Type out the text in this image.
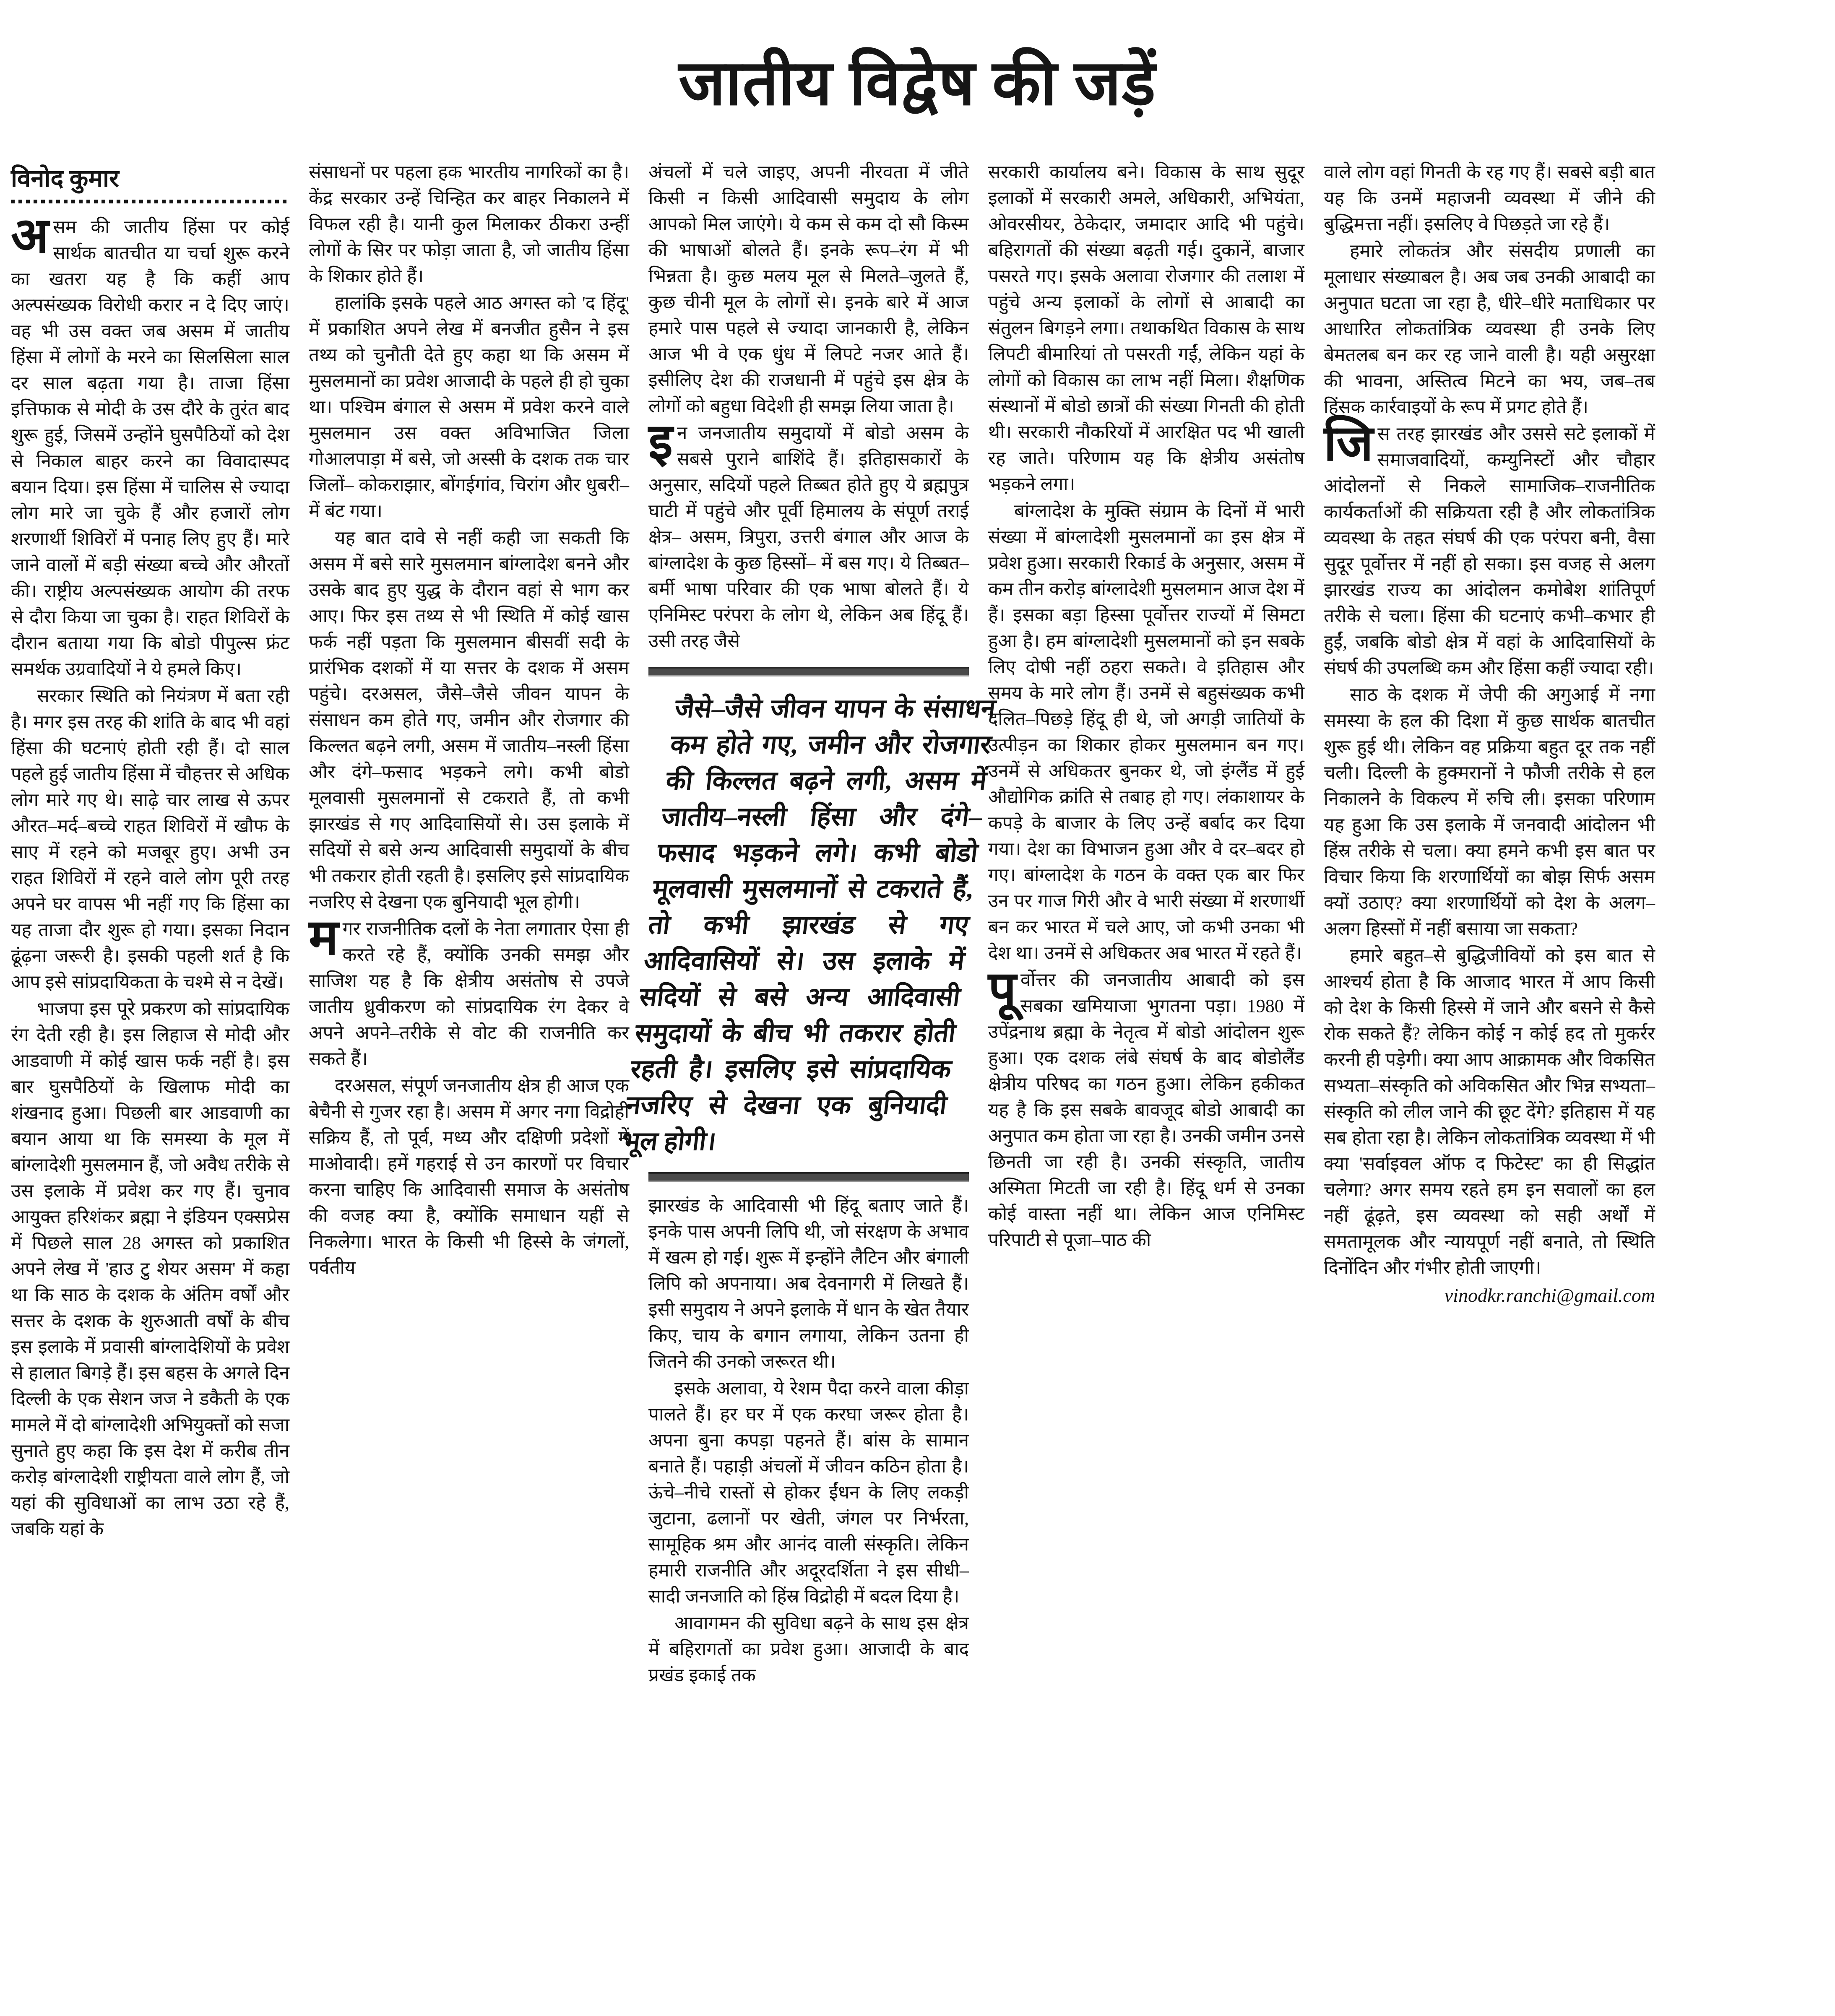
जातीय विद्वेष की जड़ें
विनोद कुमार

असम की जातीय हिंसा पर कोई सार्थक बातचीत या चर्चा शुरू करने का खतरा यह है कि कहीं आप अल्पसंख्यक विरोधी करार न दे दिए जाएं। वह भी उस वक्त जब असम में जातीय हिंसा में लोगों के मरने का सिलसिला साल दर साल बढ़ता गया है। ताजा हिंसा इत्तिफाक से मोदी के उस दौरे के तुरंत बाद शुरू हुई, जिसमें उन्होंने घुसपैठियों को देश से निकाल बाहर करने का विवादास्पद बयान दिया। इस हिंसा में चालिस से ज्यादा लोग मारे जा चुके हैं और हजारों लोग शरणार्थी शिविरों में पनाह लिए हुए हैं। मारे जाने वालों में बड़ी संख्या बच्चे और औरतों की। राष्ट्रीय अल्पसंख्यक आयोग की तरफ से दौरा किया जा चुका है। राहत शिविरों के दौरान बताया गया कि बोडो पीपुल्स फ्रंट समर्थक उग्रवादियों ने ये हमले किए।

सरकार स्थिति को नियंत्रण में बता रही है। मगर इस तरह की शांति के बाद भी वहां हिंसा की घटनाएं होती रही हैं। दो साल पहले हुई जातीय हिंसा में चौहत्तर से अधिक लोग मारे गए थे। साढ़े चार लाख से ऊपर औरत–मर्द–बच्चे राहत शिविरों में खौफ के साए में रहने को मजबूर हुए। अभी उन राहत शिविरों में रहने वाले लोग पूरी तरह अपने घर वापस भी नहीं गए कि हिंसा का यह ताजा दौर शुरू हो गया। इसका निदान ढूंढ़ना जरूरी है। इसकी पहली शर्त है कि आप इसे सांप्रदायिकता के चश्मे से न देखें।

भाजपा इस पूरे प्रकरण को सांप्रदायिक रंग देती रही है। इस लिहाज से मोदी और आडवाणी में कोई खास फर्क नहीं है। इस बार घुसपैठियों के खिलाफ मोदी का शंखनाद हुआ। पिछली बार आडवाणी का बयान आया था कि समस्या के मूल में बांग्लादेशी मुसलमान हैं, जो अवैध तरीके से उस इलाके में प्रवेश कर गए हैं। चुनाव आयुक्त हरिशंकर ब्रह्मा ने इंडियन एक्सप्रेस में पिछले साल 28 अगस्त को प्रकाशित अपने लेख में 'हाउ टु शेयर असम' में कहा था कि साठ के दशक के अंतिम वर्षों और सत्तर के दशक के शुरुआती वर्षों के बीच इस इलाके में प्रवासी बांग्लादेशियों के प्रवेश से हालात बिगड़े हैं। इस बहस के अगले दिन दिल्ली के एक सेशन जज ने डकैती के एक मामले में दो बांग्लादेशी अभियुक्तों को सजा सुनाते हुए कहा कि इस देश में करीब तीन करोड़ बांग्लादेशी राष्ट्रीयता वाले लोग हैं, जो यहां की सुविधाओं का लाभ उठा रहे हैं, जबकि यहां के

संसाधनों पर पहला हक भारतीय नागरिकों का है। केंद्र सरकार उन्हें चिन्हित कर बाहर निकालने में विफल रही है। यानी कुल मिलाकर ठीकरा उन्हीं लोगों के सिर पर फोड़ा जाता है, जो जातीय हिंसा के शिकार होते हैं।

हालांकि इसके पहले आठ अगस्त को 'द हिंदू' में प्रकाशित अपने लेख में बनजीत हुसैन ने इस तथ्य को चुनौती देते हुए कहा था कि असम में मुसलमानों का प्रवेश आजादी के पहले ही हो चुका था। पश्चिम बंगाल से असम में प्रवेश करने वाले मुसलमान उस वक्त अविभाजित जिला गोआलपाड़ा में बसे, जो अस्सी के दशक तक चार जिलों– कोकराझार, बोंगईगांव, चिरांग और धुबरी– में बंट गया।

यह बात दावे से नहीं कही जा सकती कि असम में बसे सारे मुसलमान बांग्लादेश बनने और उसके बाद हुए युद्ध के दौरान वहां से भाग कर आए। फिर इस तथ्य से भी स्थिति में कोई खास फर्क नहीं पड़ता कि मुसलमान बीसवीं सदी के प्रारंभिक दशकों में या सत्तर के दशक में असम पहुंचे। दरअसल, जैसे–जैसे जीवन यापन के संसाधन कम होते गए, जमीन और रोजगार की किल्लत बढ़ने लगी, असम में जातीय–नस्ली हिंसा और दंगे–फसाद भड़कने लगे। कभी बोडो मूलवासी मुसलमानों से टकराते हैं, तो कभी झारखंड से गए आदिवासियों से। उस इलाके में सदियों से बसे अन्य आदिवासी समुदायों के बीच भी तकरार होती रहती है। इसलिए इसे सांप्रदायिक नजरिए से देखना एक बुनियादी भूल होगी।

मगर राजनीतिक दलों के नेता लगातार ऐसा ही करते रहे हैं, क्योंकि उनकी समझ और साजिश यह है कि क्षेत्रीय असंतोष से उपजे जातीय ध्रुवीकरण को सांप्रदायिक रंग देकर वे अपने अपने–तरीके से वोट की राजनीति कर सकते हैं।

दरअसल, संपूर्ण जनजातीय क्षेत्र ही आज एक बेचैनी से गुजर रहा है। असम में अगर नगा विद्रोही सक्रिय हैं, तो पूर्व, मध्य और दक्षिणी प्रदेशों में माओवादी। हमें गहराई से उन कारणों पर विचार करना चाहिए कि आदिवासी समाज के असंतोष की वजह क्या है, क्योंकि समाधान यहीं से निकलेगा। भारत के किसी भी हिस्से के जंगलों, पर्वतीय

अंचलों में चले जाइए, अपनी नीरवता में जीते किसी न किसी आदिवासी समुदाय के लोग आपको मिल जाएंगे। ये कम से कम दो सौ किस्म की भाषाओं बोलते हैं। इनके रूप–रंग में भी भिन्नता है। कुछ मलय मूल से मिलते–जुलते हैं, कुछ चीनी मूल के लोगों से। इनके बारे में आज हमारे पास पहले से ज्यादा जानकारी है, लेकिन आज भी वे एक धुंध में लिपटे नजर आते हैं। इसीलिए देश की राजधानी में पहुंचे इस क्षेत्र के लोगों को बहुधा विदेशी ही समझ लिया जाता है।

इन जनजातीय समुदायों में बोडो असम के सबसे पुराने बाशिंदे हैं। इतिहासकारों के अनुसार, सदियों पहले तिब्बत होते हुए ये ब्रह्मपुत्र घाटी में पहुंचे और पूर्वी हिमालय के संपूर्ण तराई क्षेत्र– असम, त्रिपुरा, उत्तरी बंगाल और आज के बांग्लादेश के कुछ हिस्सों– में बस गए। ये तिब्बत–बर्मी भाषा परिवार की एक भाषा बोलते हैं। ये एनिमिस्ट परंपरा के लोग थे, लेकिन अब हिंदू हैं। उसी तरह जैसे

जैसे–जैसे जीवन यापन के संसाधन कम होते गए, जमीन और रोजगार की किल्लत बढ़ने लगी, असम में जातीय–नस्ली हिंसा और दंगे–फसाद भड़कने लगे। कभी बोडो मूलवासी मुसलमानों से टकराते हैं, तो कभी झारखंड से गए आदिवासियों से। उस इलाके में सदियों से बसे अन्य आदिवासी समुदायों के बीच भी तकरार होती रहती है। इसलिए इसे सांप्रदायिक नजरिए से देखना एक बुनियादी भूल होगी।

झारखंड के आदिवासी भी हिंदू बताए जाते हैं। इनके पास अपनी लिपि थी, जो संरक्षण के अभाव में खत्म हो गई। शुरू में इन्होंने लैटिन और बंगाली लिपि को अपनाया। अब देवनागरी में लिखते हैं। इसी समुदाय ने अपने इलाके में धान के खेत तैयार किए, चाय के बगान लगाया, लेकिन उतना ही जितने की उनको जरूरत थी।

इसके अलावा, ये रेशम पैदा करने वाला कीड़ा पालते हैं। हर घर में एक करघा जरूर होता है। अपना बुना कपड़ा पहनते हैं। बांस के सामान बनाते हैं। पहाड़ी अंचलों में जीवन कठिन होता है। ऊंचे–नीचे रास्तों से होकर ईंधन के लिए लकड़ी जुटाना, ढलानों पर खेती, जंगल पर निर्भरता, सामूहिक श्रम और आनंद वाली संस्कृति। लेकिन हमारी राजनीति और अदूरदर्शिता ने इस सीधी–सादी जनजाति को हिंस्र विद्रोही में बदल दिया है।

आवागमन की सुविधा बढ़ने के साथ इस क्षेत्र में बहिरागतों का प्रवेश हुआ। आजादी के बाद प्रखंड इकाई तक

सरकारी कार्यालय बने। विकास के साथ सुदूर इलाकों में सरकारी अमले, अधिकारी, अभियंता, ओवरसीयर, ठेकेदार, जमादार आदि भी पहुंचे। बहिरागतों की संख्या बढ़ती गई। दुकानें, बाजार पसरते गए। इसके अलावा रोजगार की तलाश में पहुंचे अन्य इलाकों के लोगों से आबादी का संतुलन बिगड़ने लगा। तथाकथित विकास के साथ लिपटी बीमारियां तो पसरती गईं, लेकिन यहां के लोगों को विकास का लाभ नहीं मिला। शैक्षणिक संस्थानों में बोडो छात्रों की संख्या गिनती की होती थी। सरकारी नौकरियों में आरक्षित पद भी खाली रह जाते। परिणाम यह कि क्षेत्रीय असंतोष भड़कने लगा।

बांग्लादेश के मुक्ति संग्राम के दिनों में भारी संख्या में बांग्लादेशी मुसलमानों का इस क्षेत्र में प्रवेश हुआ। सरकारी रिकार्ड के अनुसार, असम में कम तीन करोड़ बांग्लादेशी मुसलमान आज देश में हैं। इसका बड़ा हिस्सा पूर्वोत्तर राज्यों में सिमटा हुआ है। हम बांग्लादेशी मुसलमानों को इन सबके लिए दोषी नहीं ठहरा सकते। वे इतिहास और समय के मारे लोग हैं। उनमें से बहुसंख्यक कभी दलित–पिछड़े हिंदू ही थे, जो अगड़ी जातियों के उत्पीड़न का शिकार होकर मुसलमान बन गए। उनमें से अधिकतर बुनकर थे, जो इंग्लैंड में हुई औद्योगिक क्रांति से तबाह हो गए। लंकाशायर के कपड़े के बाजार के लिए उन्हें बर्बाद कर दिया गया। देश का विभाजन हुआ और वे दर–बदर हो गए। बांग्लादेश के गठन के वक्त एक बार फिर उन पर गाज गिरी और वे भारी संख्या में शरणार्थी बन कर भारत में चले आए, जो कभी उनका भी देश था। उनमें से अधिकतर अब भारत में रहते हैं।

पूर्वोत्तर की जनजातीय आबादी को इस सबका खमियाजा भुगतना पड़ा। 1980 में उपेंद्रनाथ ब्रह्मा के नेतृत्व में बोडो आंदोलन शुरू हुआ। एक दशक लंबे संघर्ष के बाद बोडोलैंड क्षेत्रीय परिषद का गठन हुआ। लेकिन हकीकत यह है कि इस सबके बावजूद बोडो आबादी का अनुपात कम होता जा रहा है। उनकी जमीन उनसे छिनती जा रही है। उनकी संस्कृति, जातीय अस्मिता मिटती जा रही है। हिंदू धर्म से उनका कोई वास्ता नहीं था। लेकिन आज एनिमिस्ट परिपाटी से पूजा–पाठ की

वाले लोग वहां गिनती के रह गए हैं। सबसे बड़ी बात यह कि उनमें महाजनी व्यवस्था में जीने की बुद्धिमत्ता नहीं। इसलिए वे पिछड़ते जा रहे हैं।

हमारे लोकतंत्र और संसदीय प्रणाली का मूलाधार संख्याबल है। अब जब उनकी आबादी का अनुपात घटता जा रहा है, धीरे–धीरे मताधिकार पर आधारित लोकतांत्रिक व्यवस्था ही उनके लिए बेमतलब बन कर रह जाने वाली है। यही असुरक्षा की भावना, अस्तित्व मिटने का भय, जब–तब हिंसक कार्रवाइयों के रूप में प्रगट होते हैं।

जिस तरह झारखंड और उससे सटे इलाकों में समाजवादियों, कम्युनिस्टों और चौहार आंदोलनों से निकले सामाजिक–राजनीतिक कार्यकर्ताओं की सक्रियता रही है और लोकतांत्रिक व्यवस्था के तहत संघर्ष की एक परंपरा बनी, वैसा सुदूर पूर्वोत्तर में नहीं हो सका। इस वजह से अलग झारखंड राज्य का आंदोलन कमोबेश शांतिपूर्ण तरीके से चला। हिंसा की घटनाएं कभी–कभार ही हुईं, जबकि बोडो क्षेत्र में वहां के आदिवासियों के संघर्ष की उपलब्धि कम और हिंसा कहीं ज्यादा रही।

साठ के दशक में जेपी की अगुआई में नगा समस्या के हल की दिशा में कुछ सार्थक बातचीत शुरू हुई थी। लेकिन वह प्रक्रिया बहुत दूर तक नहीं चली। दिल्ली के हुक्मरानों ने फौजी तरीके से हल निकालने के विकल्प में रुचि ली। इसका परिणाम यह हुआ कि उस इलाके में जनवादी आंदोलन भी हिंस्र तरीके से चला। क्या हमने कभी इस बात पर विचार किया कि शरणार्थियों का बोझ सिर्फ असम क्यों उठाए? क्या शरणार्थियों को देश के अलग–अलग हिस्सों में नहीं बसाया जा सकता?

हमारे बहुत–से बुद्धिजीवियों को इस बात से आश्चर्य होता है कि आजाद भारत में आप किसी को देश के किसी हिस्से में जाने और बसने से कैसे रोक सकते हैं? लेकिन कोई न कोई हद तो मुकर्रर करनी ही पड़ेगी। क्या आप आक्रामक और विकसित सभ्यता–संस्कृति को अविकसित और भिन्न सभ्यता–संस्कृति को लील जाने की छूट देंगे? इतिहास में यह सब होता रहा है। लेकिन लोकतांत्रिक व्यवस्था में भी क्या 'सर्वाइवल ऑफ द फिटेस्ट' का ही सिद्धांत चलेगा? अगर समय रहते हम इन सवालों का हल नहीं ढूंढ़ते, इस व्यवस्था को सही अर्थों में समतामूलक और न्यायपूर्ण नहीं बनाते, तो स्थिति दिनोंदिन और गंभीर होती जाएगी।

vinodkr.ranchi@gmail.com
